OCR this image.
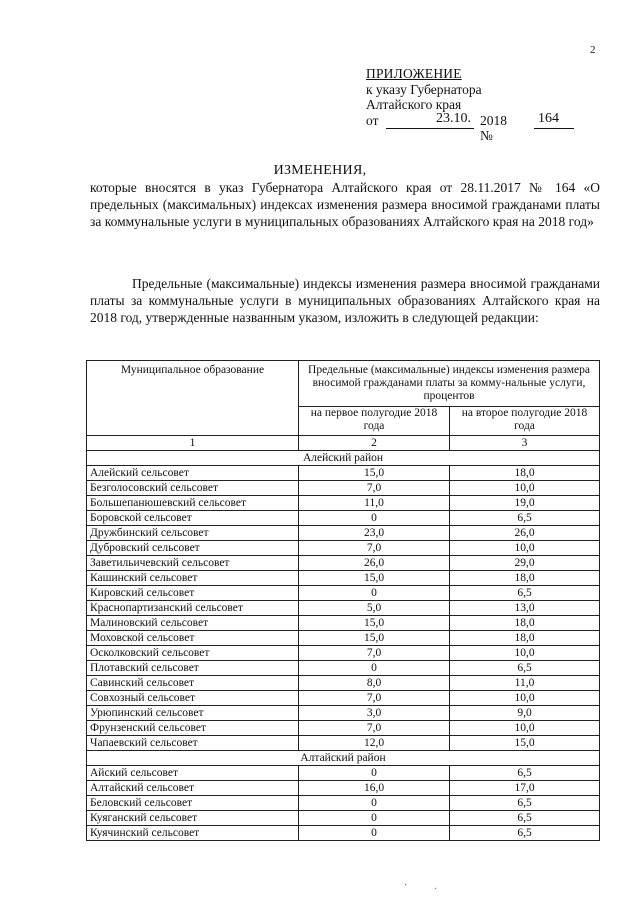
2
ПРИЛОЖЕНИЕ
к указу Губернатора
Алтайского края
от	23.10. 2018 №
164
ИЗМЕНЕНИЯ,
которые вносятся в указ Губернатора Алтайского края от 28.11.2017 № 164 «О предельных (максимальных) индексах изменения размера вносимой гражданами платы за коммунальные услуги в муниципальных образованиях Алтайского края на 2018 год»

Предельные (максимальные) индексы изменения размера вносимой гражданами платы за коммунальные услуги в муниципальных образованиях Алтайского края на 2018 год, утвержденные названным указом, изложить в следующей редакции:

Муниципальное образование	Предельные (максимальные) индексы изменения размера вносимой гражданами платы за комму-нальные услуги, процентов	
	на первое полугодие 2018 года	на второе полугодие 2018 года
1	2	3
Алейский район		
Алейский сельсовет	15,0	18,0
Безголосовский сельсовет	7,0	10,0
Большепанюшевский сельсовет	11,0	19,0
Боровской сельсовет	0	6,5
Дружбинский сельсовет	23,0	26,0
Дубровский сельсовет	7,0	10,0
Заветильичевский сельсовет	26,0	29,0
Кашинский сельсовет	15,0	18,0
Кировский сельсовет	0	6,5
Краснопартизанский сельсовет	5,0	13,0
Малиновский сельсовет	15,0	18,0
Моховской сельсовет	15,0	18,0
Осколковский сельсовет	7,0	10,0
Плотавский сельсовет	0	6,5
Савинский сельсовет	8,0	11,0
Совхозный сельсовет	7,0	10,0
Урюпинский сельсовет	3,0	9,0
Фрунзенский сельсовет	7,0	10,0
Чапаевский сельсовет	12,0	15,0
Алтайский район		
Айский сельсовет	0	6,5
Алтайский сельсовет	16,0	17,0
Беловский сельсовет	0	6,5
Куяганский сельсовет	0	6,5
Куячинский сельсовет	0	6,5
·	·
